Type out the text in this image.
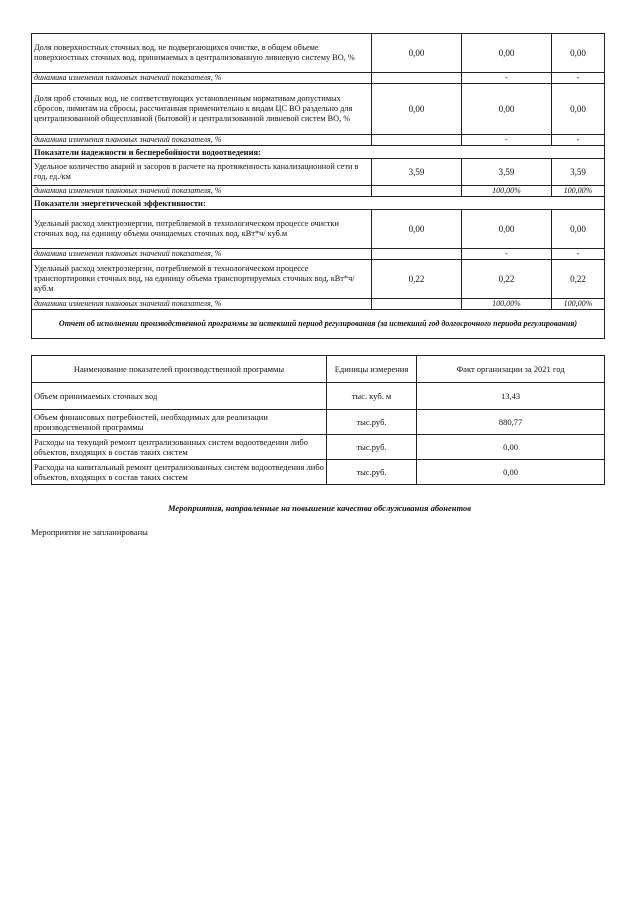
Доля поверхностных сточных вод, не подвергающихся очистке, в общем объеме поверхностных сточных вод, принимаемых в централизованную ливневую систему ВО, %	0,00	0,00	0,00
динамика изменения плановых значений показателя, %		-	-
Доля проб сточных вод, не соответствующих установленным нормативам допустимых сбросов, лимитам на сбросы, рассчитанная применительно к видам ЦС ВО раздельно для централизованной общесплавной (бытовой) и централизованной ливневой систем ВО, %	0,00	0,00	0,00
динамика изменения плановых значений показателя, %		-	-
Показатели надежности и бесперебойности водоотведения:			
Удельное количество аварий и засоров в расчете на протяженность канализационной сети в год, ед./км	3,59	3,59	3,59
динамика изменения плановых значений показателя, %		100,00%	100,00%
Показатели энергетической эффективности:			
Удельный расход электроэнергии, потребляемой в технологическом процессе очистки сточных вод, на единицу объема очищаемых сточных вод, кВт*ч/ куб.м	0,00	0,00	0,00
динамика изменения плановых значений показателя, %		-	-
Удельный расход электроэнергии, потребляемой в технологическом процессе транспортировки сточных вод, на единицу объема транспортируемых сточных вод, кВт*ч/ куб.м	0,22	0,22	0,22
динамика изменения плановых значений показателя, %		100,00%	100,00%
Отчет об исполнении производственной программы за истекший период регулирования (за истекший год долгосрочного периода регулирования)			
Наименование показателей производственной программы	Единицы измерения	Факт организации за 2021 год
Объем принимаемых сточных вод	тыс. куб. м	13,43
Объем финансовых потребностей, необходимых для реализации производственной программы	тыс.руб.	880,77
Расходы на текущий ремонт централизованных систем водоотведения либо объектов, входящих в состав таких систем	тыс.руб.	0,00
Расходы на капитальный ремонт централизованных систем водоотведения либо объектов, входящих в состав таких систем	тыс.руб.	0,00
Мероприятия, направленные на повышение качества обслуживания абонентов
Мероприятия не запланированы
